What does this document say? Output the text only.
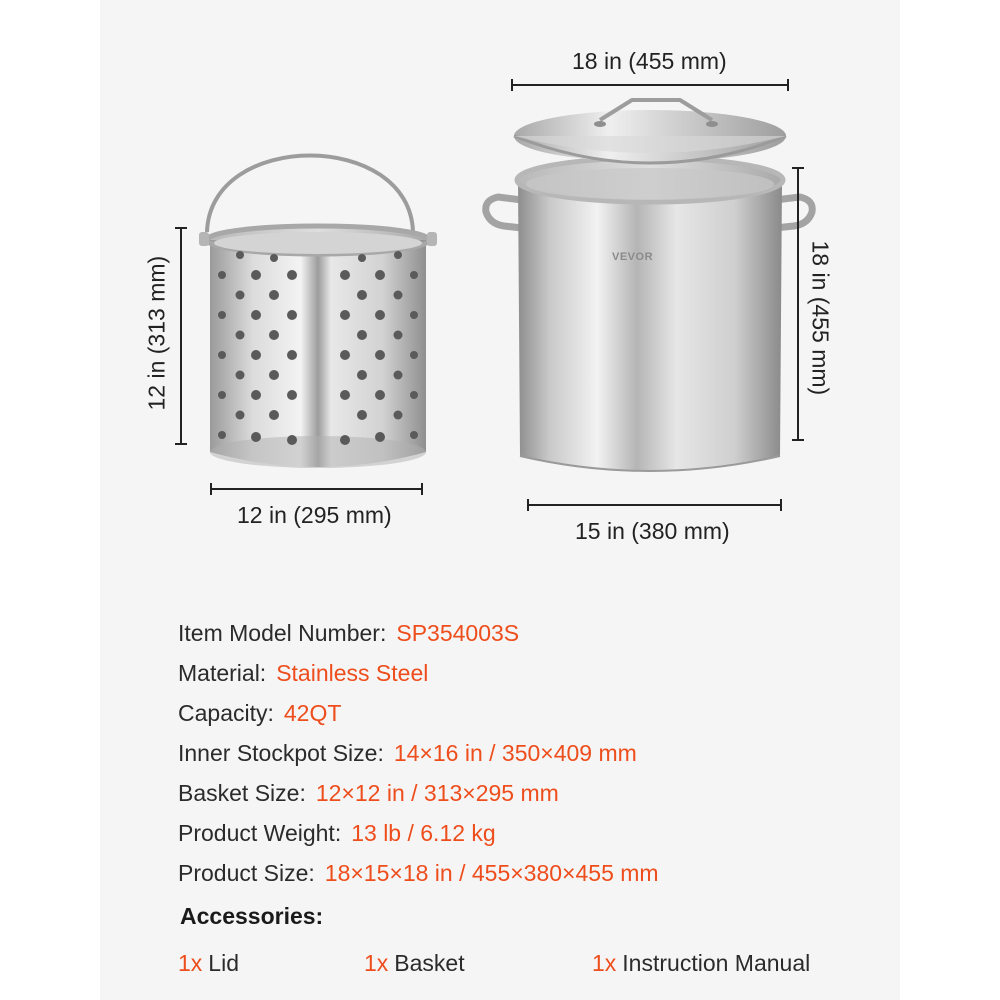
VEVOR
18 in (455 mm)
12 in (295 mm)
15 in (380 mm)
12 in (313 mm)	18 in (455 mm)
Item Model Number: SP354003S
Material: Stainless Steel
Capacity: 42QT
Inner Stockpot Size: 14×16 in / 350×409 mm
Basket Size: 12×12 in / 313×295 mm
Product Weight: 13 lb / 6.12 kg
Product Size: 18×15×18 in / 455×380×455 mm
Accessories:
1x Lid	1x Basket	1x Instruction Manual
